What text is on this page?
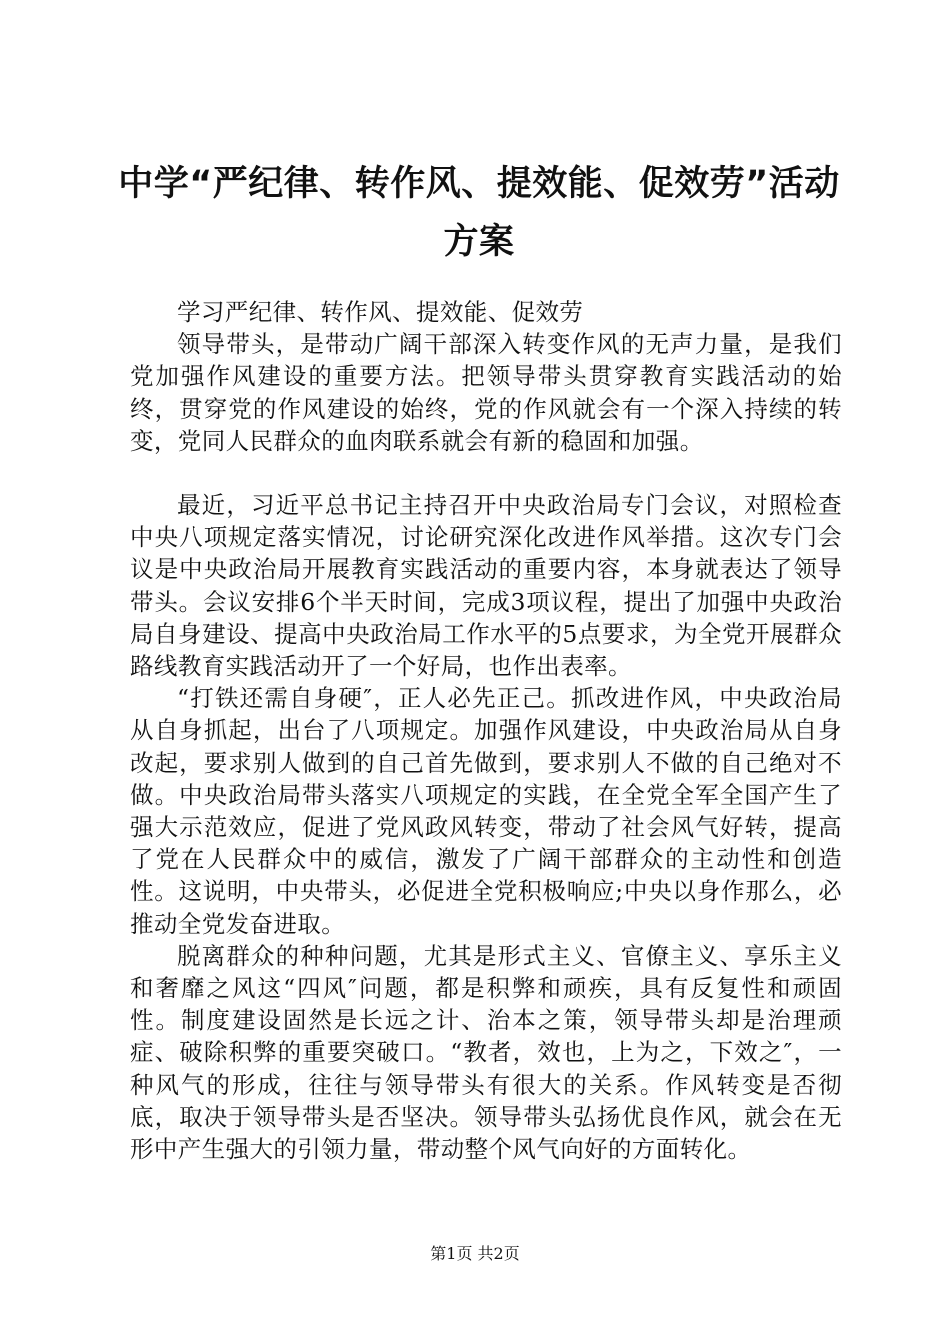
中学“严纪律、转作风、提效能、促效劳”活动方案

学习严纪律、转作风、提效能、促效劳

领导带头，是带动广阔干部深入转变作风的无声力量，是我们党加强作风建设的重要方法。把领导带头贯穿教育实践活动的始终，贯穿党的作风建设的始终，党的作风就会有一个深入持续的转变，党同人民群众的血肉联系就会有新的稳固和加强。

最近，习近平总书记主持召开中央政治局专门会议，对照检查中央八项规定落实情况，讨论研究深化改进作风举措。这次专门会议是中央政治局开展教育实践活动的重要内容，本身就表达了领导带头。会议安排6个半天时间，完成3项议程，提出了加强中央政治局自身建设、提高中央政治局工作水平的5点要求，为全党开展群众路线教育实践活动开了一个好局，也作出表率。

“打铁还需自身硬″，正人必先正己。抓改进作风，中央政治局从自身抓起，出台了八项规定。加强作风建设，中央政治局从自身改起，要求别人做到的自己首先做到，要求别人不做的自己绝对不做。中央政治局带头落实八项规定的实践，在全党全军全国产生了强大示范效应，促进了党风政风转变，带动了社会风气好转，提高了党在人民群众中的威信，激发了广阔干部群众的主动性和创造性。这说明，中央带头，必促进全党积极响应;中央以身作那么，必推动全党发奋进取。

脱离群众的种种问题，尤其是形式主义、官僚主义、享乐主义和奢靡之风这“四风″问题，都是积弊和顽疾，具有反复性和顽固性。制度建设固然是长远之计、治本之策，领导带头却是治理顽症、破除积弊的重要突破口。“教者，效也，上为之，下效之″，一种风气的形成，往往与领导带头有很大的关系。作风转变是否彻底，取决于领导带头是否坚决。领导带头弘扬优良作风，就会在无形中产生强大的引领力量，带动整个风气向好的方面转化。

第1页 共2页
